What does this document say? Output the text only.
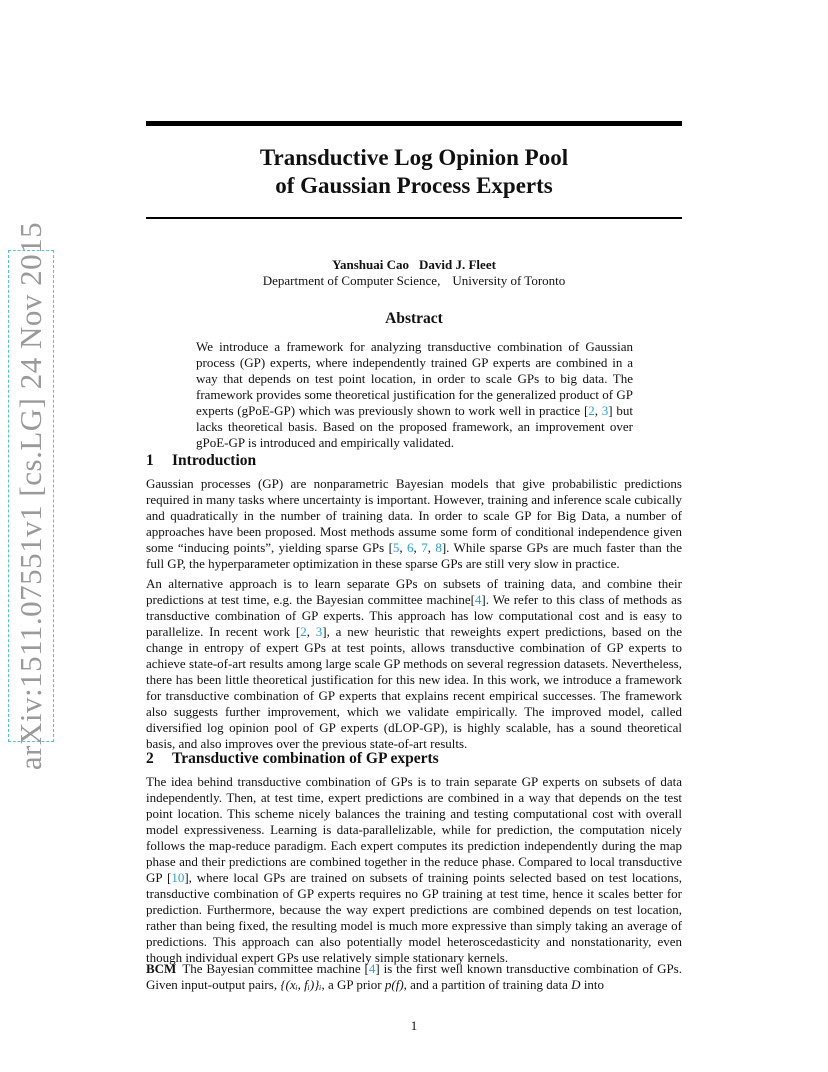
arXiv:1511.07551v1 [cs.LG] 24 Nov 2015
Transductive Log Opinion Pool
of Gaussian Process Experts
Yanshuai Cao David J. Fleet
Department of Computer Science, University of Toronto
Abstract

We introduce a framework for analyzing transductive combination of Gaussian process (GP) experts, where independently trained GP experts are combined in a way that depends on test point location, in order to scale GPs to big data. The framework provides some theoretical justification for the generalized product of GP experts (gPoE-GP) which was previously shown to work well in practice [2, 3] but lacks theoretical basis. Based on the proposed framework, an improvement over gPoE-GP is introduced and empirically validated.

1 Introduction

Gaussian processes (GP) are nonparametric Bayesian models that give probabilistic predictions required in many tasks where uncertainty is important. However, training and inference scale cubically and quadratically in the number of training data. In order to scale GP for Big Data, a number of approaches have been proposed. Most methods assume some form of conditional independence given some “inducing points”, yielding sparse GPs [5, 6, 7, 8]. While sparse GPs are much faster than the full GP, the hyperparameter optimization in these sparse GPs are still very slow in practice.

An alternative approach is to learn separate GPs on subsets of training data, and combine their predictions at test time, e.g. the Bayesian committee machine[4]. We refer to this class of methods as transductive combination of GP experts. This approach has low computational cost and is easy to parallelize. In recent work [2, 3], a new heuristic that reweights expert predictions, based on the change in entropy of expert GPs at test points, allows transductive combination of GP experts to achieve state-of-art results among large scale GP methods on several regression datasets. Nevertheless, there has been little theoretical justification for this new idea. In this work, we introduce a framework for transductive combination of GP experts that explains recent empirical successes. The framework also suggests further improvement, which we validate empirically. The improved model, called diversified log opinion pool of GP experts (dLOP-GP), is highly scalable, has a sound theoretical basis, and also improves over the previous state-of-art results.

2 Transductive combination of GP experts

The idea behind transductive combination of GPs is to train separate GP experts on subsets of data independently. Then, at test time, expert predictions are combined in a way that depends on the test point location. This scheme nicely balances the training and testing computational cost with overall model expressiveness. Learning is data-parallelizable, while for prediction, the computation nicely follows the map-reduce paradigm. Each expert computes its prediction independently during the map phase and their predictions are combined together in the reduce phase. Compared to local transductive GP [10], where local GPs are trained on subsets of training points selected based on test locations, transductive combination of GP experts requires no GP training at test time, hence it scales better for prediction. Furthermore, because the way expert predictions are combined depends on test location, rather than being fixed, the resulting model is much more expressive than simply taking an average of predictions. This approach can also potentially model heteroscedasticity and nonstationarity, even though individual expert GPs use relatively simple stationary kernels.

BCM The Bayesian committee machine [4] is the first well known transductive combination of GPs. Given input-output pairs, {(xᵢ, fᵢ)}ᵢ, a GP prior p(f), and a partition of training data D into

1
